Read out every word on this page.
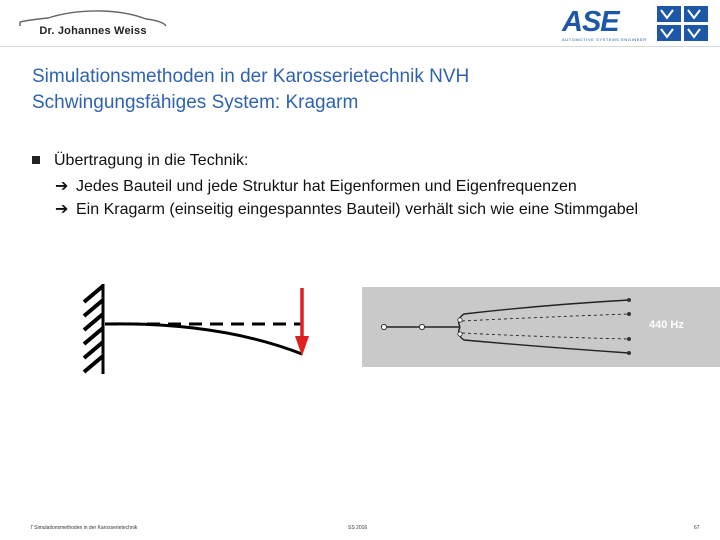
Dr. Johannes Weiss	ASE
AUTOMOTIVE SYSTEMS ENGINEER
Simulationsmethoden in der Karosserietechnik NVH
Schwingungsfähiges System: Kragarm
Übertragung in die Technik:
➔ Jedes Bauteil und jede Struktur hat Eigenformen und Eigenfrequenzen
➔ Ein Kragarm (einseitig eingespanntes Bauteil) verhält sich wie eine Stimmgabel
440 Hz
7 Simulationsmethoden in der Karosserietechnik	SS 2016	67
